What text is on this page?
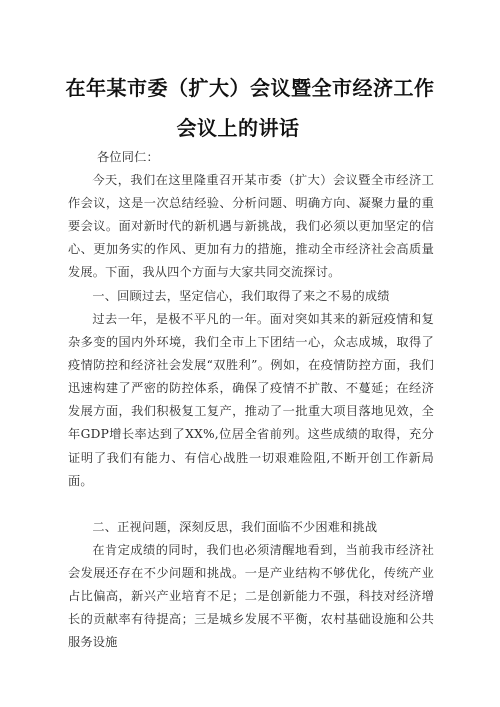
在年某市委（扩大）会议暨全市经济工作
会议上的讲话
各位同仁：
今天，我们在这里隆重召开某市委（扩大）会议暨全市经济工作会议，这是一次总结经验、分析问题、明确方向、凝聚力量的重要会议。面对新时代的新机遇与新挑战，我们必须以更加坚定的信心、更加务实的作风、更加有力的措施，推动全市经济社会高质量发展。下面，我从四个方面与大家共同交流探讨。
一、回顾过去，坚定信心，我们取得了来之不易的成绩
过去一年，是极不平凡的一年。面对突如其来的新冠疫情和复杂多变的国内外环境，我们全市上下团结一心，众志成城，取得了疫情防控和经济社会发展“双胜利”。例如，在疫情防控方面，我们迅速构建了严密的防控体系，确保了疫情不扩散、不蔓延；在经济发展方面，我们积极复工复产，推动了一批重大项目落地见效，全年GDP增长率达到了XX%,位居全省前列。这些成绩的取得，充分证明了我们有能力、有信心战胜一切艰难险阻,不断开创工作新局面。
二、正视问题，深刻反思，我们面临不少困难和挑战
在肯定成绩的同时，我们也必须清醒地看到，当前我市经济社会发展还存在不少问题和挑战。一是产业结构不够优化，传统产业占比偏高，新兴产业培育不足；二是创新能力不强，科技对经济增长的贡献率有待提高；三是城乡发展不平衡，农村基础设施和公共服务设施
